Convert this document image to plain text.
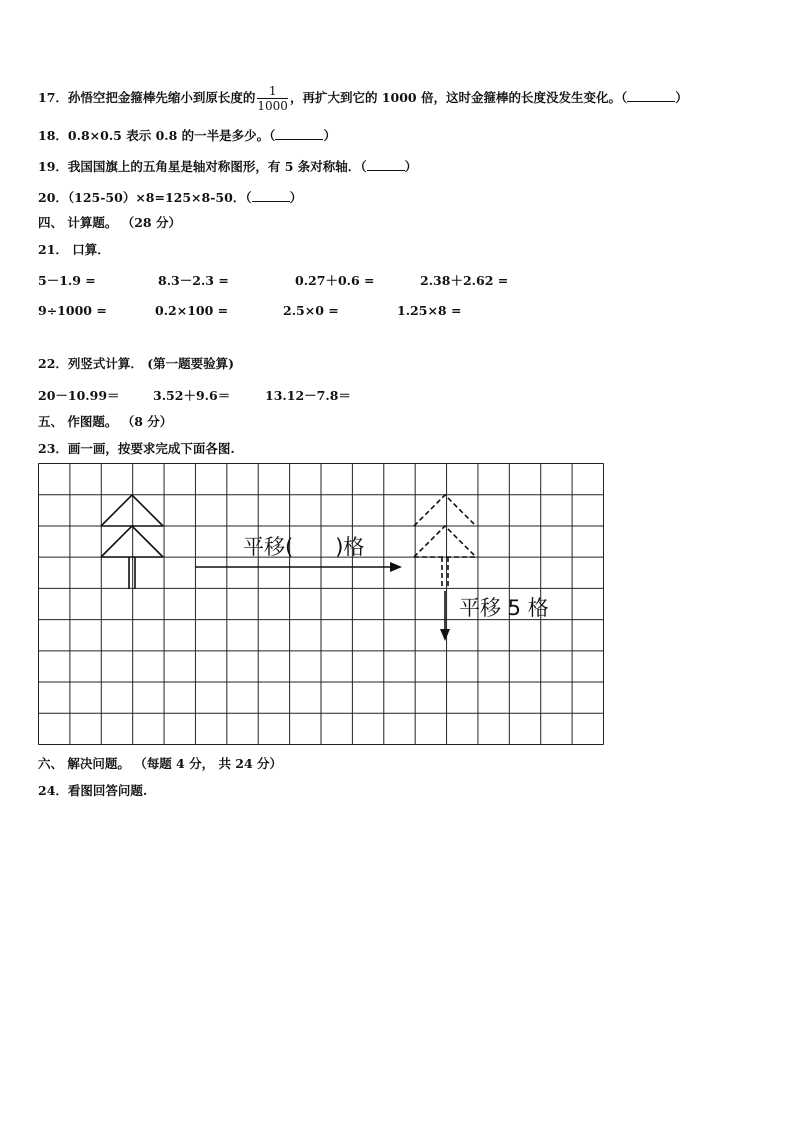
17．孙悟空把金箍棒先缩小到原长度的 $\frac{1}{1000}$ ，再扩大到它的 1000 倍，这时金箍棒的长度没发生变化。（	）
18．0.8×0.5 表示 0.8 的一半是多少。（	）
19．我国国旗上的五角星是轴对称图形，有 5 条对称轴．（	）
20．（125-50）×8=125×8-50．（	）
四、 计算题。 （28 分）
21． 口算．
5－1.9 =	8.3－2.3 =	0.27＋0.6 =	2.38＋2.62 =
9÷1000 =	0.2×100 =	2.5×0 =	1.25×8 =
22．列竖式计算． (第一题要验算)
20－10.99＝	3.52＋9.6＝	13.12－7.8＝
五、 作图题。 （8 分）
23．画一画，按要求完成下面各图.
平移(　　)格
平移 5 格
六、 解决问题。 （每题 4 分， 共 24 分）
24．看图回答问题.
